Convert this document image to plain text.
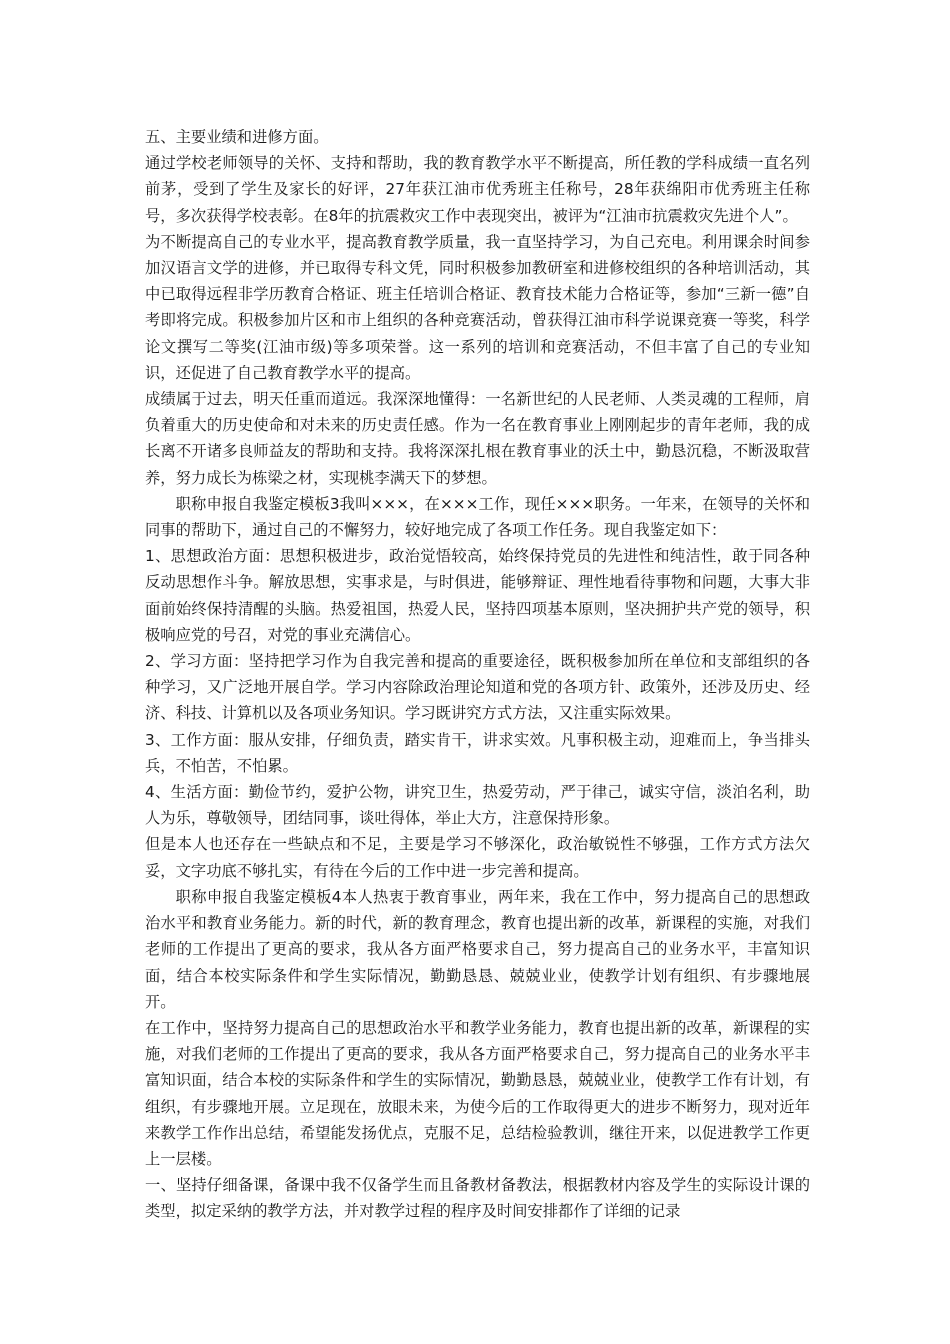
五、主要业绩和进修方面。

通过学校老师领导的关怀、支持和帮助，我的教育教学水平不断提高，所任教的学科成绩一直名列前茅，受到了学生及家长的好评，27年获江油市优秀班主任称号，28年获绵阳市优秀班主任称号，多次获得学校表彰。在8年的抗震救灾工作中表现突出，被评为“江油市抗震救灾先进个人”。

为不断提高自己的专业水平，提高教育教学质量，我一直坚持学习，为自己充电。利用课余时间参加汉语言文学的进修，并已取得专科文凭，同时积极参加教研室和进修校组织的各种培训活动，其中已取得远程非学历教育合格证、班主任培训合格证、教育技术能力合格证等，参加“三新一德”自考即将完成。积极参加片区和市上组织的各种竞赛活动，曾获得江油市科学说课竞赛一等奖，科学论文撰写二等奖(江油市级)等多项荣誉。这一系列的培训和竞赛活动，不但丰富了自己的专业知识，还促进了自己教育教学水平的提高。

成绩属于过去，明天任重而道远。我深深地懂得：一名新世纪的人民老师、人类灵魂的工程师，肩负着重大的历史使命和对未来的历史责任感。作为一名在教育事业上刚刚起步的青年老师，我的成长离不开诸多良师益友的帮助和支持。我将深深扎根在教育事业的沃土中，勤恳沉稳，不断汲取营养，努力成长为栋梁之材，实现桃李满天下的梦想。

职称申报自我鉴定模板3我叫×××，在×××工作，现任×××职务。一年来，在领导的关怀和同事的帮助下，通过自己的不懈努力，较好地完成了各项工作任务。现自我鉴定如下：

1、思想政治方面：思想积极进步，政治觉悟较高，始终保持党员的先进性和纯洁性，敢于同各种反动思想作斗争。解放思想，实事求是，与时俱进，能够辩证、理性地看待事物和问题，大事大非面前始终保持清醒的头脑。热爱祖国，热爱人民，坚持四项基本原则，坚决拥护共产党的领导，积极响应党的号召，对党的事业充满信心。

2、学习方面：坚持把学习作为自我完善和提高的重要途径，既积极参加所在单位和支部组织的各种学习，又广泛地开展自学。学习内容除政治理论知道和党的各项方针、政策外，还涉及历史、经济、科技、计算机以及各项业务知识。学习既讲究方式方法，又注重实际效果。

3、工作方面：服从安排，仔细负责，踏实肯干，讲求实效。凡事积极主动，迎难而上，争当排头兵，不怕苦，不怕累。

4、生活方面：勤俭节约，爱护公物，讲究卫生，热爱劳动，严于律己，诚实守信，淡泊名利，助人为乐，尊敬领导，团结同事，谈吐得体，举止大方，注意保持形象。

但是本人也还存在一些缺点和不足，主要是学习不够深化，政治敏锐性不够强，工作方式方法欠妥，文字功底不够扎实，有待在今后的工作中进一步完善和提高。

职称申报自我鉴定模板4本人热衷于教育事业，两年来，我在工作中，努力提高自己的思想政治水平和教育业务能力。新的时代，新的教育理念，教育也提出新的改革，新课程的实施，对我们老师的工作提出了更高的要求，我从各方面严格要求自己，努力提高自己的业务水平，丰富知识面，结合本校实际条件和学生实际情况，勤勤恳恳、兢兢业业，使教学计划有组织、有步骤地展开。

在工作中，坚持努力提高自己的思想政治水平和教学业务能力，教育也提出新的改革，新课程的实施，对我们老师的工作提出了更高的要求，我从各方面严格要求自己，努力提高自己的业务水平丰富知识面，结合本校的实际条件和学生的实际情况，勤勤恳恳，兢兢业业，使教学工作有计划，有组织，有步骤地开展。立足现在，放眼未来，为使今后的工作取得更大的进步不断努力，现对近年来教学工作作出总结，希望能发扬优点，克服不足，总结检验教训，继往开来，以促进教学工作更上一层楼。

一、坚持仔细备课，备课中我不仅备学生而且备教材备教法，根据教材内容及学生的实际设计课的类型，拟定采纳的教学方法，并对教学过程的程序及时间安排都作了详细的记录
